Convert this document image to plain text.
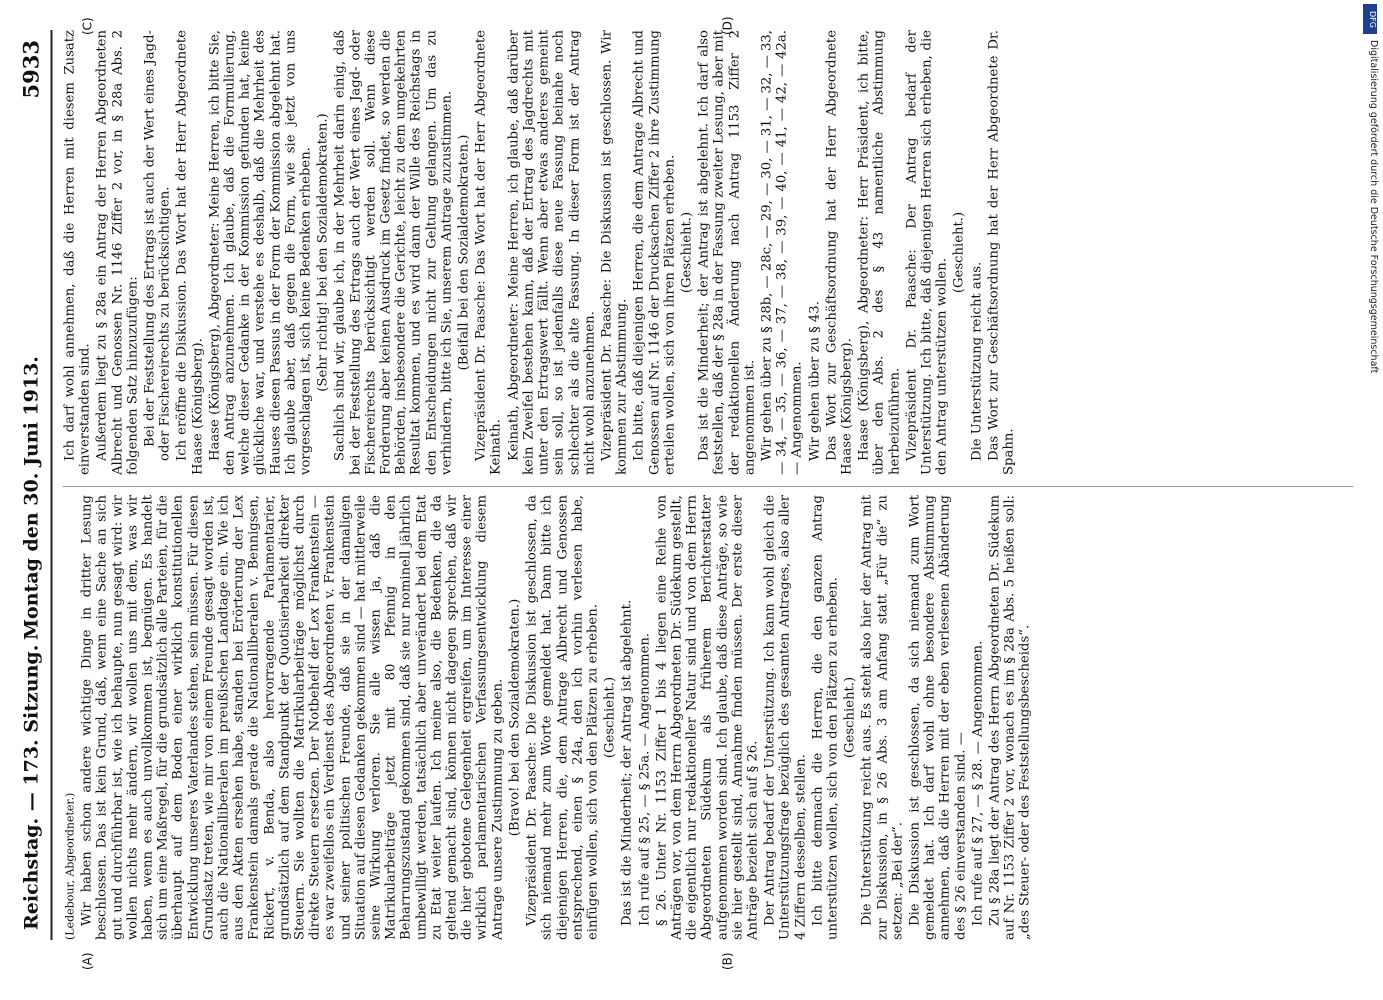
Reichstag. — 173. Sitzung.
Montag den 30. Juni 1913.
5933
(A)	(B)
(C)	(D)

(Ledebour, Abgeordneter.) Wir haben schon andere wichtige Dinge in dritter Lesung beschlossen. Das ist kein Grund, daß, wenn eine Sache an sich gut und durchführbar ist, wie ich behaupte, nun gesagt wird: wir wollen nichts mehr ändern, wir wollen uns mit dem, was wir haben, wenn es auch unvollkommen ist, begnügen. Es handelt sich um eine Maßregel, für die grundsätzlich alle Parteien, für die überhaupt auf dem Boden einer wirklich konstitutionellen Entwicklung unseres Vaterlandes stehen, sein müssen. Für diesen Grundsatz treten, wie mir von einem Freunde gesagt worden ist, auch die Nationalliberalen im preußischen Landtage ein. Wie ich aus den Akten ersehen habe, standen bei Erörterung der Lex Frankenstein damals gerade die Nationalliberalen v. Bennigsen, Rickert, v. Benda, also hervorragende Parlamentarier, grundsätzlich auf dem Standpunkt der Quotisierbarkeit direkter Steuern. Sie wollten die Matrikularbeiträge möglichst durch direkte Steuern ersetzen. Der Notbehelf der Lex Frankenstein — es war zweifellos ein Verdienst des Abgeordneten v. Frankenstein und seiner politischen Freunde, daß sie in der damaligen Situation auf diesen Gedanken gekommen sind — hat mittlerweile seine Wirkung verloren. Sie alle wissen ja, daß die Matrikularbeiträge jetzt mit 80 Pfennig in den Beharrungszustand gekommen sind, daß sie nur nominell jährlich umbewilligt werden, tatsächlich aber unverändert bei dem Etat zu Etat weiter laufen. Ich meine also, die Bedenken, die da geltend gemacht sind, können nicht dagegen sprechen, daß wir die hier gebotene Gelegenheit ergreifen, um im Interesse einer wirklich parlamentarischen Verfassungsentwicklung diesem Antrage unsere Zustimmung zu geben. (Bravo! bei den Sozialdemokraten.) Vizepräsident Dr. Paasche: Die Diskussion ist geschlossen, da sich niemand mehr zum Worte gemeldet hat. Dann bitte ich diejenigen Herren, die, dem Antrage Albrecht und Genossen entsprechend, einen § 24a, den ich vorhin verlesen habe, einfügen wollen, sich von den Plätzen zu erheben. (Geschieht.) Das ist die Minderheit; der Antrag ist abgelehnt. Ich rufe auf § 25, — § 25a. — Angenommen. § 26. Unter Nr. 1153 Ziffer 1 bis 4 liegen eine Reihe von Anträgen vor, von dem Herrn Abgeordneten Dr. Südekum gestellt, die eigentlich nur redaktioneller Natur sind und von dem Herrn Abgeordneten Südekum als früherem Berichterstatter aufgenommen worden sind. Ich glaube, daß diese Anträge, so wie sie hier gestellt sind, Annahme finden müssen. Der erste dieser Anträge bezieht sich auf § 26. Der Antrag bedarf der Unterstützung. Ich kann wohl gleich die Unterstützungsfrage bezüglich des gesamten Antrages, also aller 4 Ziffern desselben, stellen. Ich bitte demnach die Herren, die den ganzen Antrag unterstützen wollen, sich von den Plätzen zu erheben. (Geschieht.) Die Unterstützung reicht aus. Es steht also hier der Antrag mit zur Diskussion, in § 26 Abs. 3 am Anfang statt „Für die“ zu setzen: „Bei der“. Die Diskussion ist geschlossen, da sich niemand zum Wort gemeldet hat. Ich darf wohl ohne besondere Abstimmung annehmen, daß die Herren mit der eben verlesenen Abänderung des § 26 einverstanden sind. — Ich rufe auf § 27, — § 28. — Angenommen. Zu § 28a liegt der Antrag des Herrn Abgeordneten Dr. Südekum auf Nr. 1153 Ziffer 2 vor, wonach es im § 28a Abs. 5 heißen soll: „des Steuer- oder des Feststellungsbescheids“.

Ich darf wohl annehmen, daß die Herren mit diesem Zusatz einverstanden sind. Außerdem liegt zu § 28a ein Antrag der Herren Abgeordneten Albrecht und Genossen Nr. 1146 Ziffer 2 vor, in § 28a Abs. 2 folgenden Satz hinzuzufügen: Bei der Feststellung des Ertrags ist auch der Wert eines Jagd- oder Fischereirechts zu berücksichtigen. Ich eröffne die Diskussion. Das Wort hat der Herr Abgeordnete Haase (Königsberg). Haase (Königsberg), Abgeordneter: Meine Herren, ich bitte Sie, den Antrag anzunehmen. Ich glaube, daß die Formulierung, welche dieser Gedanke in der Kommission gefunden hat, keine glückliche war, und verstehe es deshalb, daß die Mehrheit des Hauses diesen Passus in der Form der Kommission abgelehnt hat. Ich glaube aber, daß gegen die Form, wie sie jetzt von uns vorgeschlagen ist, sich keine Bedenken erheben. (Sehr richtig! bei den Sozialdemokraten.) Sachlich sind wir, glaube ich, in der Mehrheit darin einig, daß bei der Feststellung des Ertrags auch der Wert eines Jagd- oder Fischereirechts berücksichtigt werden soll. Wenn diese Forderung aber keinen Ausdruck im Gesetz findet, so werden die Behörden, insbesondere die Gerichte, leicht zu dem umgekehrten Resultat kommen, und es wird dann der Wille des Reichstags in den Entscheidungen nicht zur Geltung gelangen. Um das zu verhindern, bitte ich Sie, unserem Antrage zuzustimmen. (Beifall bei den Sozialdemokraten.) Vizepräsident Dr. Paasche: Das Wort hat der Herr Abgeordnete Keinath. Keinath, Abgeordneter: Meine Herren, ich glaube, daß darüber kein Zweifel bestehen kann, daß der Ertrag des Jagdrechts mit unter den Ertragswert fällt. Wenn aber etwas anderes gemeint sein soll, so ist jedenfalls diese neue Fassung beinahe noch schlechter als die alte Fassung. In dieser Form ist der Antrag nicht wohl anzunehmen. Vizepräsident Dr. Paasche: Die Diskussion ist geschlossen. Wir kommen zur Abstimmung. Ich bitte, daß diejenigen Herren, die dem Antrage Albrecht und Genossen auf Nr. 1146 der Drucksachen Ziffer 2 ihre Zustimmung erteilen wollen, sich von ihren Plätzen erheben. (Geschieht.) Das ist die Minderheit; der Antrag ist abgelehnt. Ich darf also feststellen, daß der § 28a in der Fassung zweiter Lesung, aber mit der redaktionellen Änderung nach Antrag 1153 Ziffer 2 angenommen ist. Wir gehen über zu § 28b, — 28c, — 29, — 30, — 31, — 32, — 33, — 34, — 35, — 36, — 37, — 38, — 39, — 40, — 41, — 42, — 42a. — Angenommen. Wir gehen über zu § 43. Das Wort zur Geschäftsordnung hat der Herr Abgeordnete Haase (Königsberg). Haase (Königsberg), Abgeordneter: Herr Präsident, ich bitte, über den Abs. 2 des § 43 namentliche Abstimmung herbeizuführen. Vizepräsident Dr. Paasche: Der Antrag bedarf der Unterstützung. Ich bitte, daß diejenigen Herren sich erheben, die den Antrag unterstützen wollen.

(Geschieht.)

Die Unterstützung reicht aus. Das Wort zur Geschäftsordnung hat der Herr Abgeordnete Dr. Spahn.

DFG
Digitalisierung gefördert durch die Deutsche Forschungsgemeinschaft
